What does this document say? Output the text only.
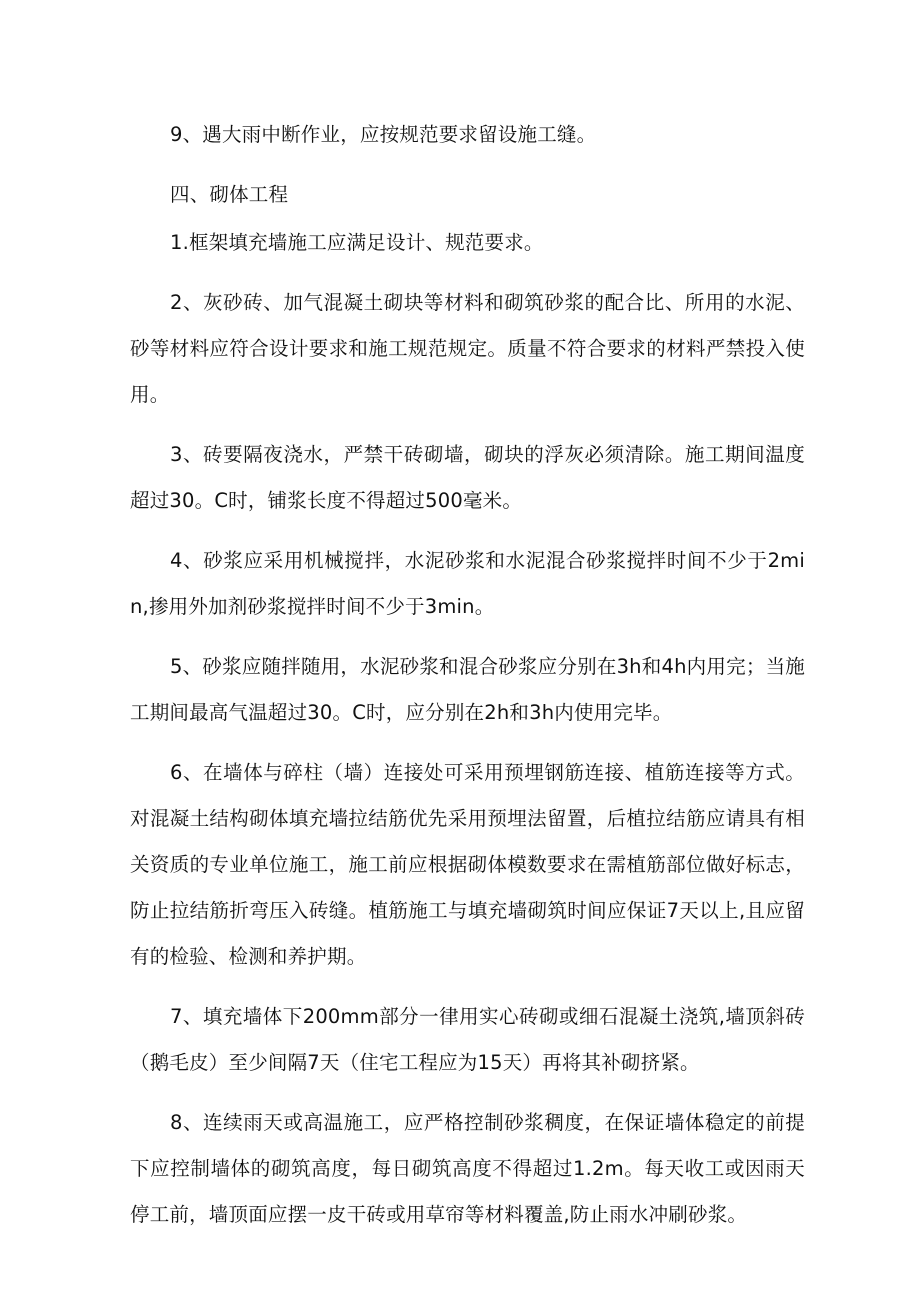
9、遇大雨中断作业，应按规范要求留设施工缝。

四、砌体工程

1.框架填充墙施工应满足设计、规范要求。

2、灰砂砖、加气混凝土砌块等材料和砌筑砂浆的配合比、所用的水泥、砂等材料应符合设计要求和施工规范规定。质量不符合要求的材料严禁投入使用。

3、砖要隔夜浇水，严禁干砖砌墙，砌块的浮灰必须清除。施工期间温度超过30。C时，铺浆长度不得超过500毫米。

4、砂浆应采用机械搅拌，水泥砂浆和水泥混合砂浆搅拌时间不少于2min,掺用外加剂砂浆搅拌时间不少于3min。

5、砂浆应随拌随用，水泥砂浆和混合砂浆应分别在3h和4h内用完；当施工期间最高气温超过30。C时，应分别在2h和3h内使用完毕。

6、在墙体与碎柱（墙）连接处可采用预埋钢筋连接、植筋连接等方式。对混凝土结构砌体填充墙拉结筋优先采用预埋法留置，后植拉结筋应请具有相关资质的专业单位施工，施工前应根据砌体模数要求在需植筋部位做好标志，防止拉结筋折弯压入砖缝。植筋施工与填充墙砌筑时间应保证7天以上,且应留有的检验、检测和养护期。

7、填充墙体下200mm部分一律用实心砖砌或细石混凝土浇筑,墙顶斜砖（鹅毛皮）至少间隔7天（住宅工程应为15天）再将其补砌挤紧。

8、连续雨天或高温施工，应严格控制砂浆稠度，在保证墙体稳定的前提下应控制墙体的砌筑高度，每日砌筑高度不得超过1.2m。每天收工或因雨天停工前，墙顶面应摆一皮干砖或用草帘等材料覆盖,防止雨水冲刷砂浆。
